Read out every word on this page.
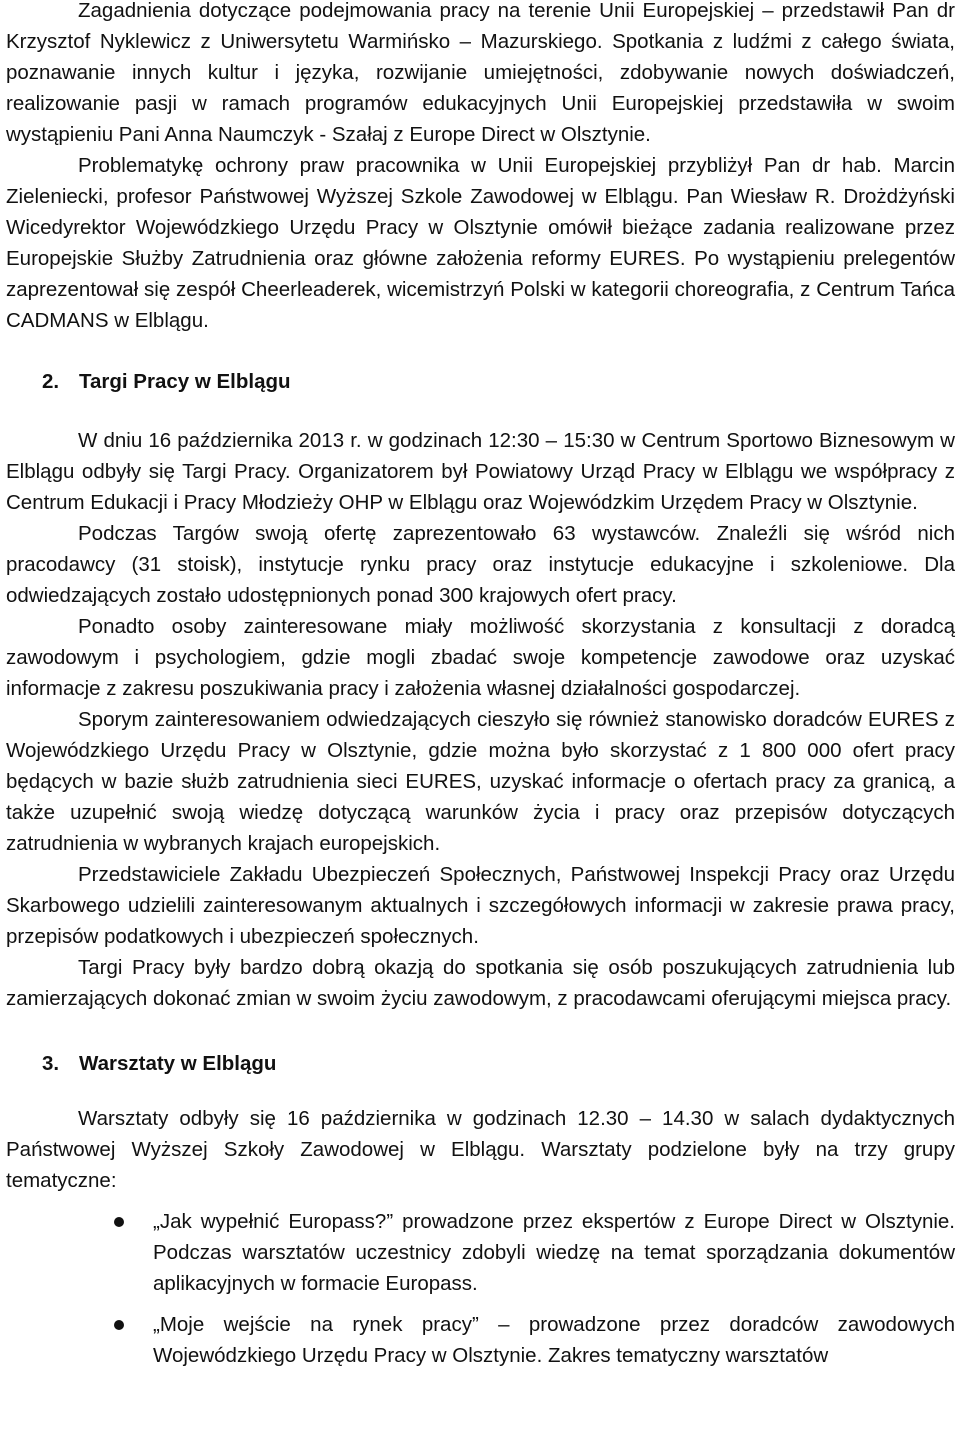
Zagadnienia dotyczące podejmowania pracy na terenie Unii Europejskiej – przedstawił Pan dr Krzysztof Nyklewicz z Uniwersytetu Warmińsko – Mazurskiego. Spotkania z ludźmi z całego świata, poznawanie innych kultur i języka, rozwijanie umiejętności, zdobywanie nowych doświadczeń, realizowanie pasji w ramach programów edukacyjnych Unii Europejskiej przedstawiła w swoim wystąpieniu Pani Anna Naumczyk - Szałaj z Europe Direct w Olsztynie.

Problematykę ochrony praw pracownika w Unii Europejskiej przybliżył Pan dr hab. Marcin Zieleniecki, profesor Państwowej Wyższej Szkole Zawodowej w Elblągu. Pan Wiesław R. Drożdżyński Wicedyrektor Wojewódzkiego Urzędu Pracy w Olsztynie omówił bieżące zadania realizowane przez Europejskie Służby Zatrudnienia oraz główne założenia reformy EURES. Po wystąpieniu prelegentów zaprezentował się zespół Cheerleaderek, wicemistrzyń Polski w kategorii choreografia, z Centrum Tańca CADMANS w Elblągu.

2. Targi Pracy w Elblągu

W dniu 16 października 2013 r. w godzinach 12:30 – 15:30 w Centrum Sportowo Biznesowym w Elblągu odbyły się Targi Pracy. Organizatorem był Powiatowy Urząd Pracy w Elblągu we współpracy z Centrum Edukacji i Pracy Młodzieży OHP w Elblągu oraz Wojewódzkim Urzędem Pracy w Olsztynie.

Podczas Targów swoją ofertę zaprezentowało 63 wystawców. Znaleźli się wśród nich pracodawcy (31 stoisk), instytucje rynku pracy oraz instytucje edukacyjne i szkoleniowe. Dla odwiedzających zostało udostępnionych ponad 300 krajowych ofert pracy.

Ponadto osoby zainteresowane miały możliwość skorzystania z konsultacji z doradcą zawodowym i psychologiem, gdzie mogli zbadać swoje kompetencje zawodowe oraz uzyskać informacje z zakresu poszukiwania pracy i założenia własnej działalności gospodarczej.

Sporym zainteresowaniem odwiedzających cieszyło się również stanowisko doradców EURES z Wojewódzkiego Urzędu Pracy w Olsztynie, gdzie można było skorzystać z 1 800 000 ofert pracy będących w bazie służb zatrudnienia sieci EURES, uzyskać informacje o ofertach pracy za granicą, a także uzupełnić swoją wiedzę dotyczącą warunków życia i pracy oraz przepisów dotyczących zatrudnienia w wybranych krajach europejskich.

Przedstawiciele Zakładu Ubezpieczeń Społecznych, Państwowej Inspekcji Pracy oraz Urzędu Skarbowego udzielili zainteresowanym aktualnych i szczegółowych informacji w zakresie prawa pracy, przepisów podatkowych i ubezpieczeń społecznych.

Targi Pracy były bardzo dobrą okazją do spotkania się osób poszukujących zatrudnienia lub zamierzających dokonać zmian w swoim życiu zawodowym, z pracodawcami oferującymi miejsca pracy.

3. Warsztaty w Elblągu

Warsztaty odbyły się 16 października w godzinach 12.30 – 14.30 w salach dydaktycznych Państwowej Wyższej Szkoły Zawodowej w Elblągu. Warsztaty podzielone były na trzy grupy tematyczne:

„Jak wypełnić Europass?” prowadzone przez ekspertów z Europe Direct w Olsztynie. Podczas warsztatów uczestnicy zdobyli wiedzę na temat sporządzania dokumentów aplikacyjnych w formacie Europass.
„Moje wejście na rynek pracy” – prowadzone przez doradców zawodowych Wojewódzkiego Urzędu Pracy w Olsztynie. Zakres tematyczny warsztatów
